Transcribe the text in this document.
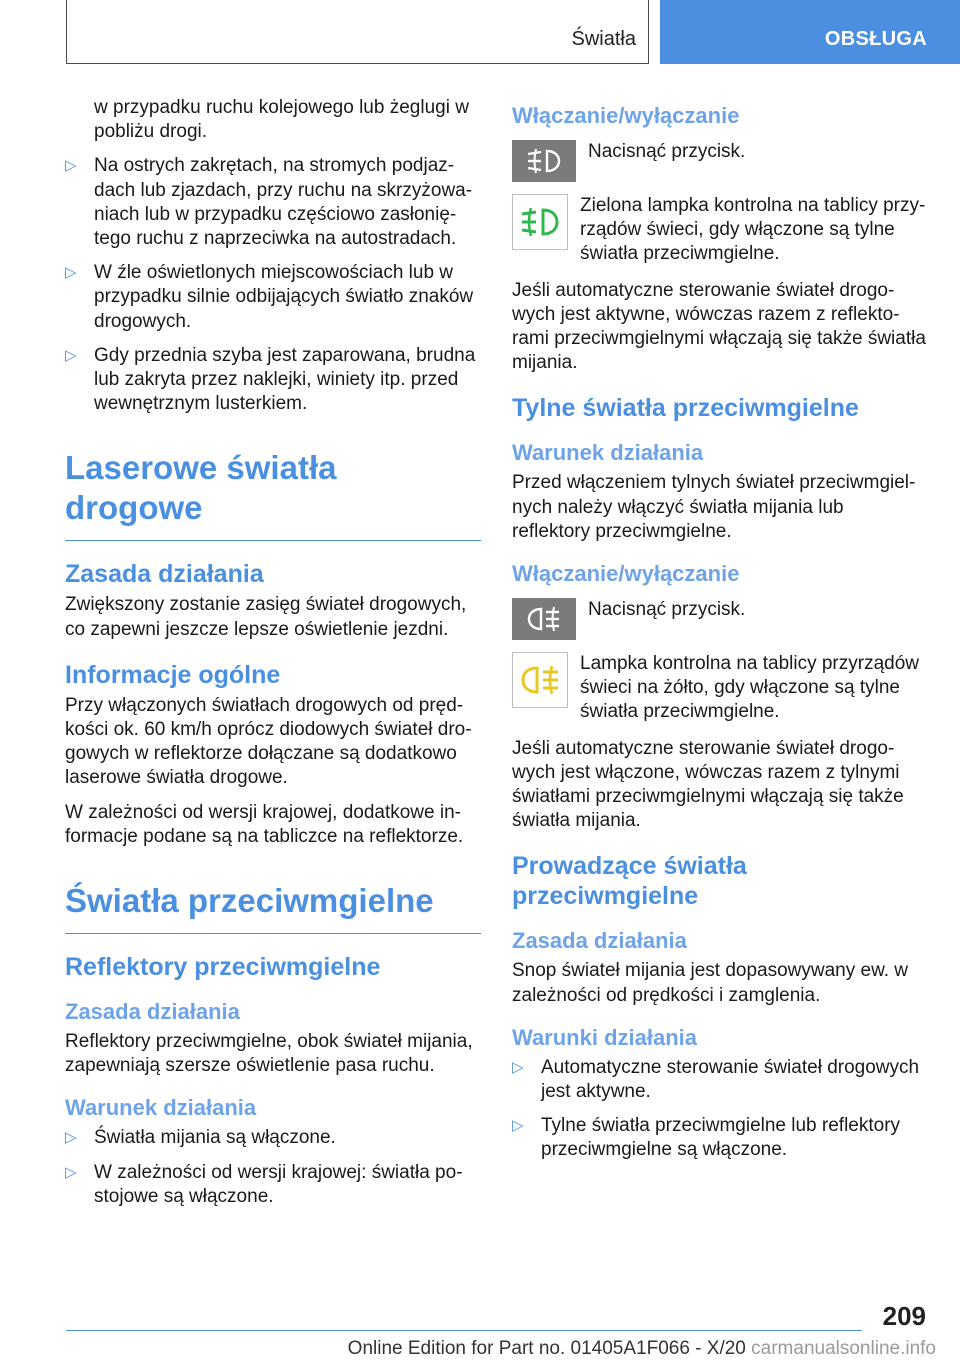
Światła	OBSŁUGA

w przypadku ruchu kolejowego lub żeglugi w pobliżu drogi.

▷ Na ostrych zakrętach, na stromych podjazdach lub zjazdach, przy ruchu na skrzyżowaniach lub w przypadku częściowo zasłoniętego ruchu z naprzeciwka na autostradach.
▷ W źle oświetlonych miejscowościach lub w przypadku silnie odbijających światło znaków drogowych.
▷ Gdy przednia szyba jest zaparowana, brudna lub zakryta przez naklejki, winiety itp. przed wewnętrznym lusterkiem.
Laserowe światła drogowe
Zasada działania

Zwiększony zostanie zasięg świateł drogowych, co zapewni jeszcze lepsze oświetlenie jezdni.

Informacje ogólne

Przy włączonych światłach drogowych od prędkości ok. 60 km/h oprócz diodowych świateł drogowych w reflektorze dołączane są dodatkowo laserowe światła drogowe.

W zależności od wersji krajowej, dodatkowe informacje podane są na tabliczce na reflektorze.

Światła przeciwmgielne
Reflektory przeciwmgielne
Zasada działania

Reflektory przeciwmgielne, obok świateł mijania, zapewniają szersze oświetlenie pasa ruchu.

Warunek działania
▷ Światła mijania są włączone.
▷ W zależności od wersji krajowej: światła postojowe są włączone.
Włączanie/wyłączanie

Nacisnąć przycisk.

Zielona lampka kontrolna na tablicy przyrządów świeci, gdy włączone są tylne światła przeciwmgielne.

Jeśli automatyczne sterowanie świateł drogowych jest aktywne, wówczas razem z reflektorami przeciwmgielnymi włączają się także światła mijania.

Tylne światła przeciwmgielne
Warunek działania

Przed włączeniem tylnych świateł przeciwmgielnych należy włączyć światła mijania lub reflektory przeciwmgielne.

Włączanie/wyłączanie

Nacisnąć przycisk.

Lampka kontrolna na tablicy przyrządów świeci na żółto, gdy włączone są tylne światła przeciwmgielne.

Jeśli automatyczne sterowanie świateł drogowych jest włączone, wówczas razem z tylnymi światłami przeciwmgielnymi włączają się także światła mijania.

Prowadzące światła przeciwmgielne
Zasada działania

Snop świateł mijania jest dopasowywany ew. w zależności od prędkości i zamglenia.

Warunki działania
▷ Automatyczne sterowanie świateł drogowych jest aktywne.
▷ Tylne światła przeciwmgielne lub reflektory przeciwmgielne są włączone.
209
Online Edition for Part no. 01405A1F066 - X/20 carmanualsonline.info
